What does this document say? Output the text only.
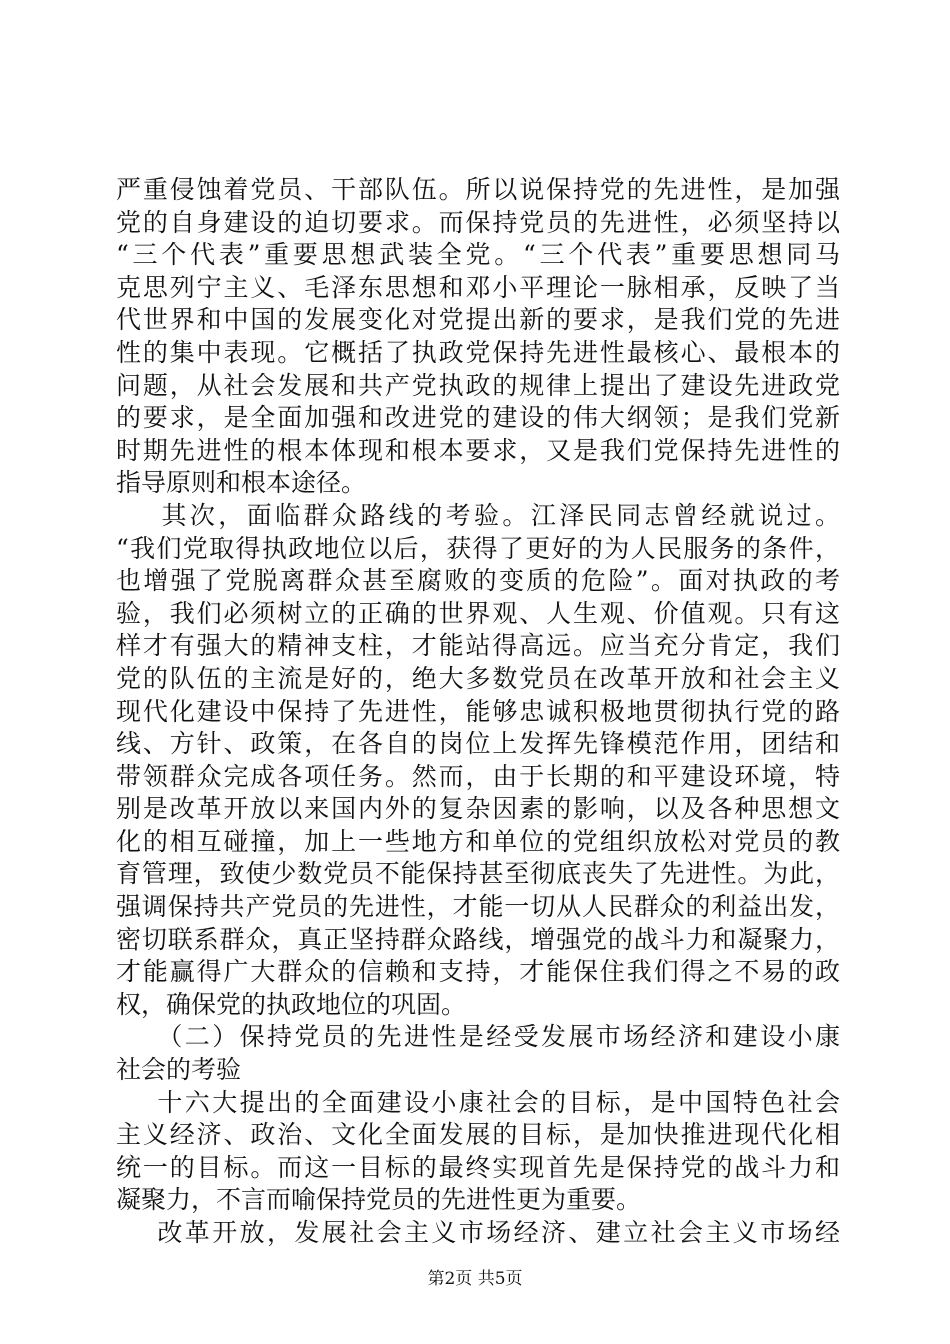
严重侵蚀着党员、干部队伍。所以说保持党的先进性，是加强
党的自身建设的迫切要求。而保持党员的先进性，必须坚持以
“三个代表”重要思想武装全党。“三个代表”重要思想同马
克思列宁主义、毛泽东思想和邓小平理论一脉相承，反映了当
代世界和中国的发展变化对党提出新的要求，是我们党的先进
性的集中表现。它概括了执政党保持先进性最核心、最根本的
问题，从社会发展和共产党执政的规律上提出了建设先进政党
的要求，是全面加强和改进党的建设的伟大纲领；是我们党新
时期先进性的根本体现和根本要求，又是我们党保持先进性的
指导原则和根本途径。
其次，面临群众路线的考验。江泽民同志曾经就说过。
“我们党取得执政地位以后，获得了更好的为人民服务的条件，
也增强了党脱离群众甚至腐败的变质的危险”。面对执政的考
验，我们必须树立的正确的世界观、人生观、价值观。只有这
样才有强大的精神支柱，才能站得高远。应当充分肯定，我们
党的队伍的主流是好的，绝大多数党员在改革开放和社会主义
现代化建设中保持了先进性，能够忠诚积极地贯彻执行党的路
线、方针、政策，在各自的岗位上发挥先锋模范作用，团结和
带领群众完成各项任务。然而，由于长期的和平建设环境，特
别是改革开放以来国内外的复杂因素的影响，以及各种思想文
化的相互碰撞，加上一些地方和单位的党组织放松对党员的教
育管理，致使少数党员不能保持甚至彻底丧失了先进性。为此，
强调保持共产党员的先进性，才能一切从人民群众的利益出发，
密切联系群众，真正坚持群众路线，增强党的战斗力和凝聚力，
才能赢得广大群众的信赖和支持，才能保住我们得之不易的政
权，确保党的执政地位的巩固。
（二）保持党员的先进性是经受发展市场经济和建设小康
社会的考验
十六大提出的全面建设小康社会的目标，是中国特色社会
主义经济、政治、文化全面发展的目标，是加快推进现代化相
统一的目标。而这一目标的最终实现首先是保持党的战斗力和
凝聚力，不言而喻保持党员的先进性更为重要。
改革开放，发展社会主义市场经济、建立社会主义市场经
第2页 共5页
